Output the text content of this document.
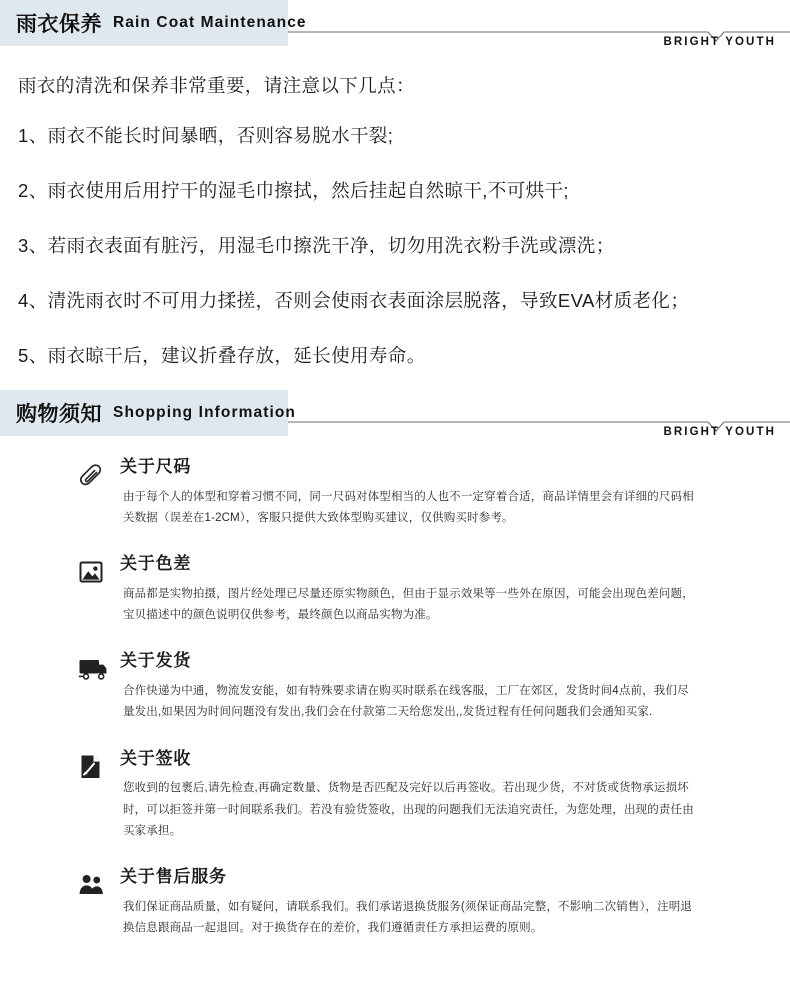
雨衣保养 Rain Coat Maintenance
BRIGHT YOUTH

雨衣的清洗和保养非常重要，请注意以下几点：

1、雨衣不能长时间暴晒，否则容易脱水干裂;

2、雨衣使用后用拧干的湿毛巾擦拭，然后挂起自然晾干,不可烘干;

3、若雨衣表面有脏污，用湿毛巾擦洗干净，切勿用洗衣粉手洗或漂洗；

4、清洗雨衣时不可用力揉搓，否则会使雨衣表面涂层脱落，导致EVA材质老化；

5、雨衣晾干后，建议折叠存放，延长使用寿命。

购物须知 Shopping Information
BRIGHT YOUTH
关于尺码

由于每个人的体型和穿着习惯不同，同一尺码对体型相当的人也不一定穿着合适，商品详情里会有详细的尺码相关数据（误差在1-2CM），客服只提供大致体型购买建议，仅供购买时参考。

关于色差

商品都是实物拍摄，图片经处理已尽量还原实物颜色，但由于显示效果等一些外在原因，可能会出现色差问题，宝贝描述中的颜色说明仅供参考，最终颜色以商品实物为准。

关于发货

合作快递为中通，物流发安能，如有特殊要求请在购买时联系在线客服，工厂在郊区，发货时间4点前，我们尽量发出,如果因为时间问题没有发出,我们会在付款第二天给您发出,,发货过程有任何问题我们会通知买家.

关于签收

您收到的包裹后,请先检查,再确定数量、货物是否匹配及完好以后再签收。若出现少货，不对货或货物承运损坏时，可以拒签并第一时间联系我们。若没有验货签收，出现的问题我们无法追究责任，为您处理，出现的责任由买家承担。

关于售后服务

我们保证商品质量，如有疑问，请联系我们。我们承诺退换货服务(须保证商品完整，不影响二次销售），注明退换信息跟商品一起退回。对于换货存在的差价，我们遵循责任方承担运费的原则。
